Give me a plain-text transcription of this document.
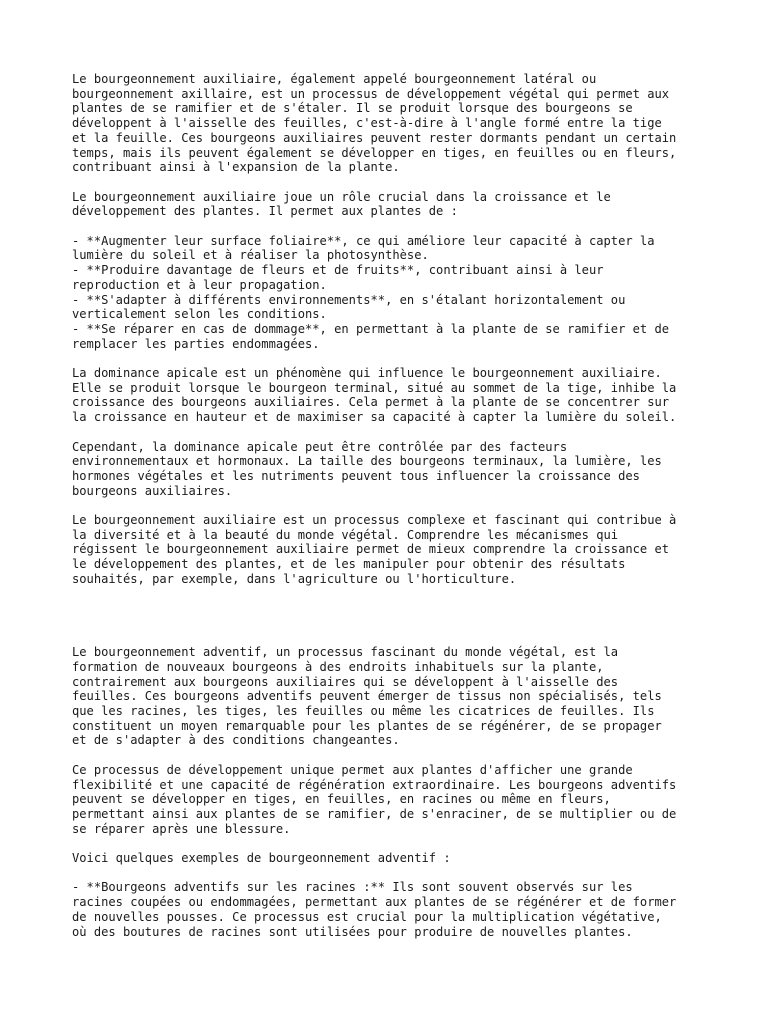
Le bourgeonnement auxiliaire, également appelé bourgeonnement latéral ou
bourgeonnement axillaire, est un processus de développement végétal qui permet aux
plantes de se ramifier et de s'étaler. Il se produit lorsque des bourgeons se
développent à l'aisselle des feuilles, c'est-à-dire à l'angle formé entre la tige
et la feuille. Ces bourgeons auxiliaires peuvent rester dormants pendant un certain
temps, mais ils peuvent également se développer en tiges, en feuilles ou en fleurs,
contribuant ainsi à l'expansion de la plante.

Le bourgeonnement auxiliaire joue un rôle crucial dans la croissance et le
développement des plantes. Il permet aux plantes de :

- **Augmenter leur surface foliaire**, ce qui améliore leur capacité à capter la
lumière du soleil et à réaliser la photosynthèse.
- **Produire davantage de fleurs et de fruits**, contribuant ainsi à leur
reproduction et à leur propagation.
- **S'adapter à différents environnements**, en s'étalant horizontalement ou
verticalement selon les conditions.
- **Se réparer en cas de dommage**, en permettant à la plante de se ramifier et de
remplacer les parties endommagées.

La dominance apicale est un phénomène qui influence le bourgeonnement auxiliaire.
Elle se produit lorsque le bourgeon terminal, situé au sommet de la tige, inhibe la
croissance des bourgeons auxiliaires. Cela permet à la plante de se concentrer sur
la croissance en hauteur et de maximiser sa capacité à capter la lumière du soleil.

Cependant, la dominance apicale peut être contrôlée par des facteurs
environnementaux et hormonaux. La taille des bourgeons terminaux, la lumière, les
hormones végétales et les nutriments peuvent tous influencer la croissance des
bourgeons auxiliaires.

Le bourgeonnement auxiliaire est un processus complexe et fascinant qui contribue à
la diversité et à la beauté du monde végétal. Comprendre les mécanismes qui
régissent le bourgeonnement auxiliaire permet de mieux comprendre la croissance et
le développement des plantes, et de les manipuler pour obtenir des résultats
souhaités, par exemple, dans l'agriculture ou l'horticulture.

Le bourgeonnement adventif, un processus fascinant du monde végétal, est la
formation de nouveaux bourgeons à des endroits inhabituels sur la plante,
contrairement aux bourgeons auxiliaires qui se développent à l'aisselle des
feuilles. Ces bourgeons adventifs peuvent émerger de tissus non spécialisés, tels
que les racines, les tiges, les feuilles ou même les cicatrices de feuilles. Ils
constituent un moyen remarquable pour les plantes de se régénérer, de se propager
et de s'adapter à des conditions changeantes.

Ce processus de développement unique permet aux plantes d'afficher une grande
flexibilité et une capacité de régénération extraordinaire. Les bourgeons adventifs
peuvent se développer en tiges, en feuilles, en racines ou même en fleurs,
permettant ainsi aux plantes de se ramifier, de s'enraciner, de se multiplier ou de
se réparer après une blessure.

Voici quelques exemples de bourgeonnement adventif :

- **Bourgeons adventifs sur les racines :** Ils sont souvent observés sur les
racines coupées ou endommagées, permettant aux plantes de se régénérer et de former
de nouvelles pousses. Ce processus est crucial pour la multiplication végétative,
où des boutures de racines sont utilisées pour produire de nouvelles plantes.
